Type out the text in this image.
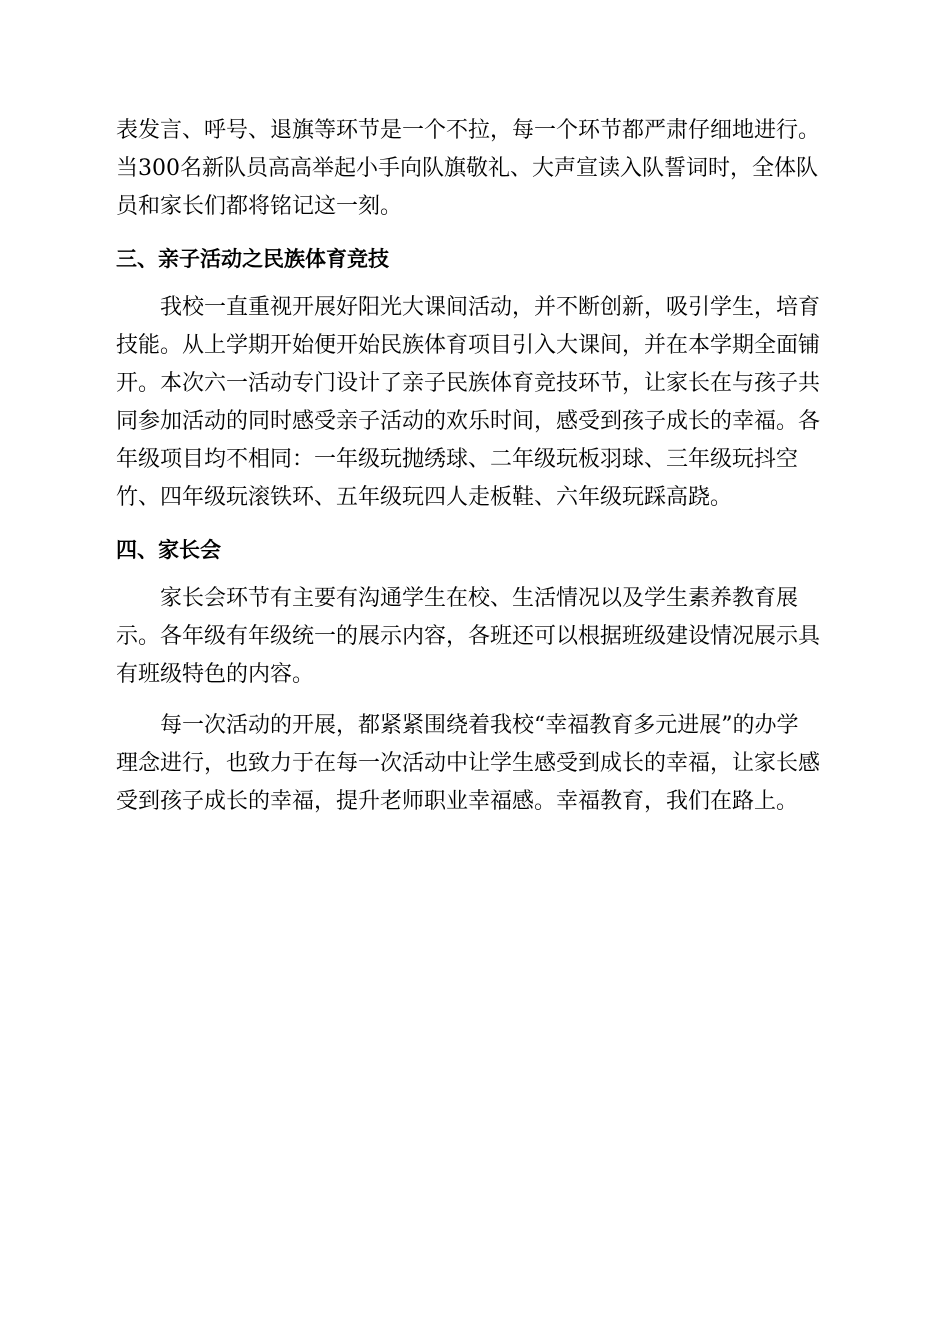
表发言、呼号、退旗等环节是一个不拉，每一个环节都严肃仔细地进行。
当300名新队员高高举起小手向队旗敬礼、大声宣读入队誓词时，全体队
员和家长们都将铭记这一刻。

三、亲子活动之民族体育竞技

我校一直重视开展好阳光大课间活动，并不断创新，吸引学生，培育
技能。从上学期开始便开始民族体育项目引入大课间，并在本学期全面铺
开。本次六一活动专门设计了亲子民族体育竞技环节，让家长在与孩子共
同参加活动的同时感受亲子活动的欢乐时间，感受到孩子成长的幸福。各
年级项目均不相同：一年级玩抛绣球、二年级玩板羽球、三年级玩抖空
竹、四年级玩滚铁环、五年级玩四人走板鞋、六年级玩踩高跷。

四、家长会

家长会环节有主要有沟通学生在校、生活情况以及学生素养教育展
示。各年级有年级统一的展示内容，各班还可以根据班级建设情况展示具
有班级特色的内容。

每一次活动的开展，都紧紧围绕着我校“幸福教育多元进展”的办学
理念进行，也致力于在每一次活动中让学生感受到成长的幸福，让家长感
受到孩子成长的幸福，提升老师职业幸福感。幸福教育，我们在路上。
